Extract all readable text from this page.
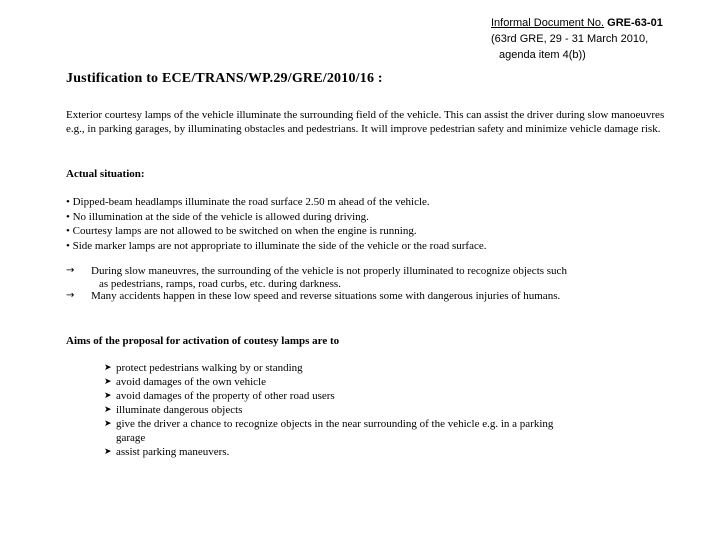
Informal Document No. GRE-63-01
(63rd GRE, 29 - 31 March 2010,
agenda item 4(b))
Justification to ECE/TRANS/WP.29/GRE/2010/16 :
Exterior courtesy lamps of the vehicle illuminate the surrounding field of the vehicle. This can assist the driver during slow manoeuvres e.g., in parking garages, by illuminating obstacles and pedestrians. It will improve pedestrian safety and minimize vehicle damage risk.
Actual situation:
• Dipped-beam headlamps illuminate the road surface 2.50 m ahead of the vehicle.
• No illumination at the side of the vehicle is allowed during driving.
• Courtesy lamps are not allowed to be switched on when the engine is running.
• Side marker lamps are not appropriate to illuminate the side of the vehicle or the road surface.
→	During slow maneuvres, the surrounding of the vehicle is not properly illuminated to recognize objects such
as pedestrians, ramps, road curbs, etc. during darkness.
→	Many accidents happen in these low speed and reverse situations some with dangerous injuries of humans.
Aims of the proposal for activation of coutesy lamps are to
➤ protect pedestrians walking by or standing
➤ avoid damages of the own vehicle
➤ avoid damages of the property of other road users
➤ illuminate dangerous objects
➤ give the driver a chance to recognize objects in the near surrounding of the vehicle e.g. in a parking
garage
➤ assist parking maneuvers.
